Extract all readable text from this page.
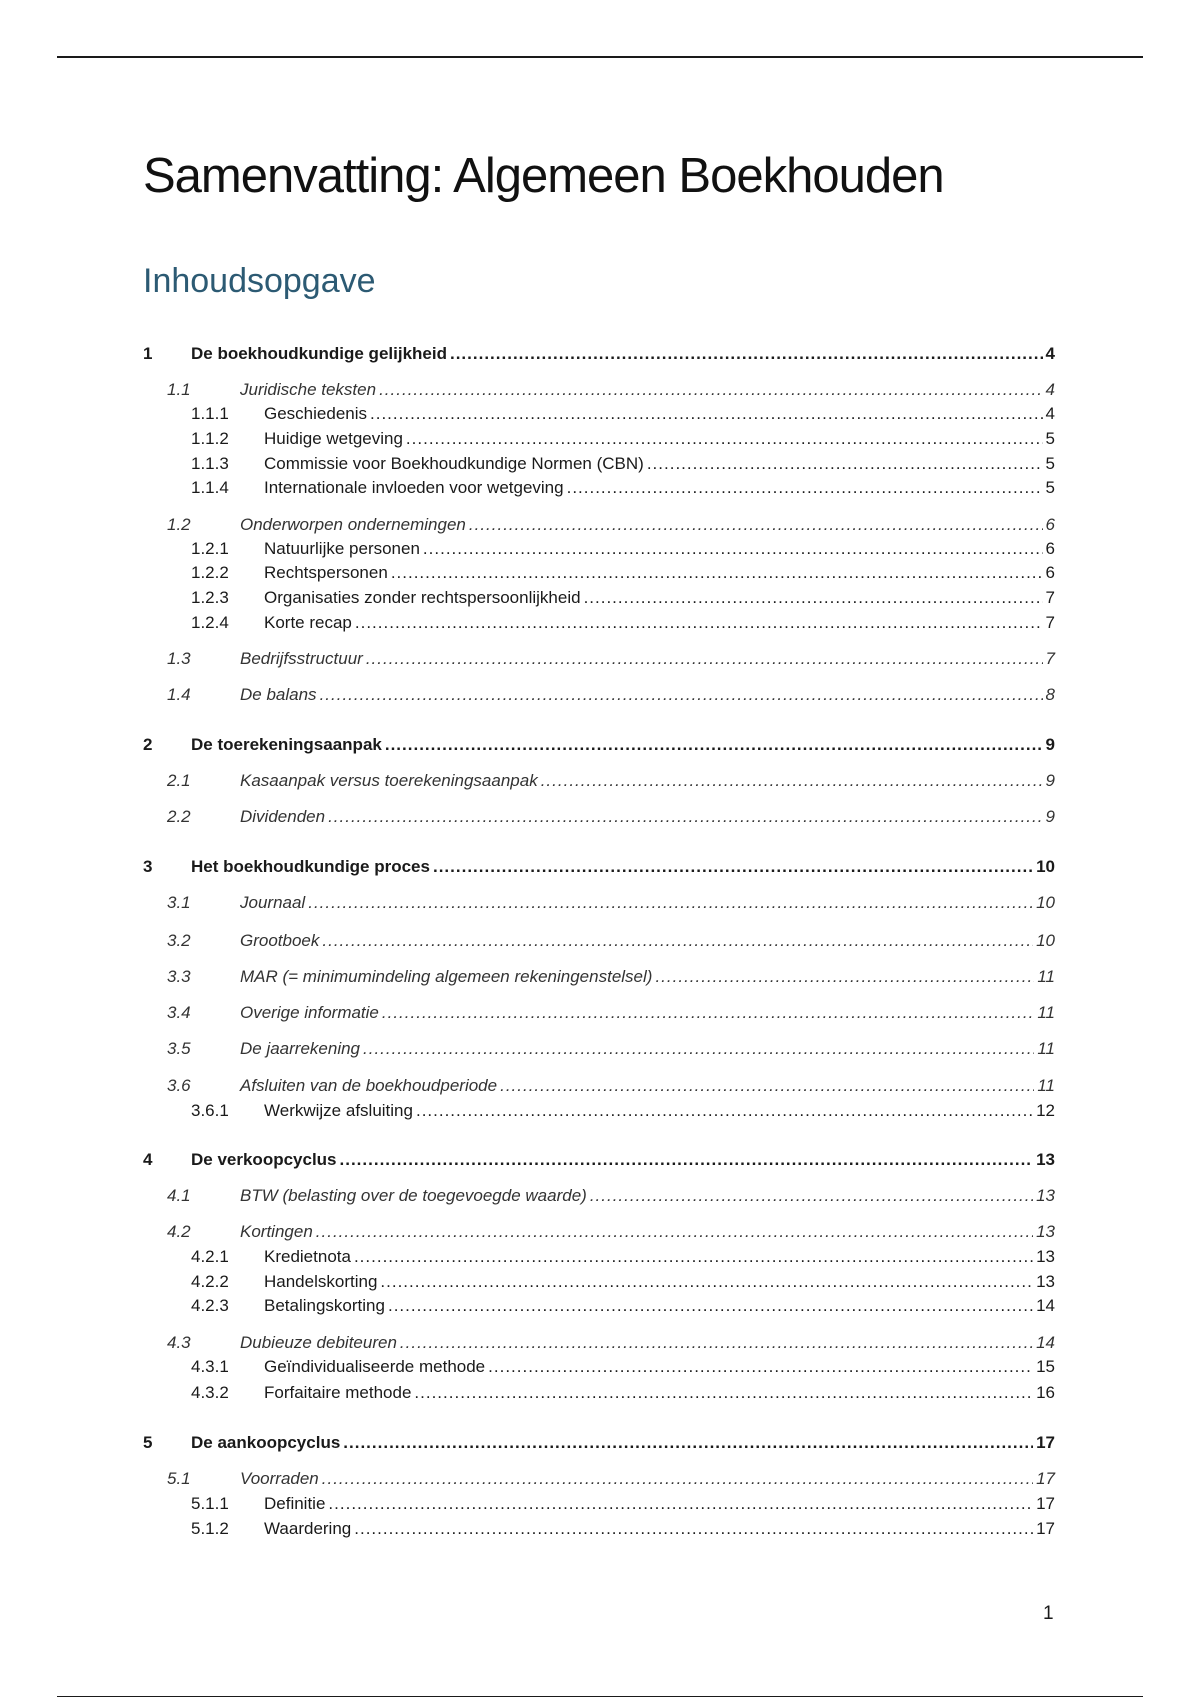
Samenvatting: Algemeen Boekhouden
Inhoudsopgave
1 De boekhoudkundige gelijkheid .....	4
1.1	Juridische teksten .....	4
1.1.1 Geschiedenis .....	4
1.1.2 Huidige wetgeving .....	5
1.1.3 Commissie voor Boekhoudkundige Normen (CBN) .....	5
1.1.4 Internationale invloeden voor wetgeving .....	5
1.2	Onderworpen ondernemingen .....	6
1.2.1 Natuurlijke personen .....	6
1.2.2 Rechtspersonen .....	6
1.2.3 Organisaties zonder rechtspersoonlijkheid .....	7
1.2.4 Korte recap .....	7
1.3	Bedrijfsstructuur .....	7
1.4	De balans .....	8
2 De toerekeningsaanpak .....	9
2.1	Kasaanpak versus toerekeningsaanpak .....	9
2.2	Dividenden .....	9
3 Het boekhoudkundige proces .....	10
3.1	Journaal .....	10
3.2	Grootboek .....	10
3.3	MAR (= minimumindeling algemeen rekeningenstelsel) .....	11
3.4	Overige informatie .....	11
3.5	De jaarrekening .....	11
3.6	Afsluiten van de boekhoudperiode .....	11
3.6.1 Werkwijze afsluiting .....	12
4 De verkoopcyclus .....	13
4.1	BTW (belasting over de toegevoegde waarde) .....	13
4.2	Kortingen .....	13
4.2.1 Kredietnota .....	13
4.2.2 Handelskorting .....	13
4.2.3 Betalingskorting .....	14
4.3	Dubieuze debiteuren .....	14
4.3.1 Geïndividualiseerde methode .....	15
4.3.2 Forfaitaire methode .....	16
5 De aankoopcyclus .....	17
5.1	Voorraden .....	17
5.1.1 Definitie .....	17
5.1.2 Waardering .....	17
1
